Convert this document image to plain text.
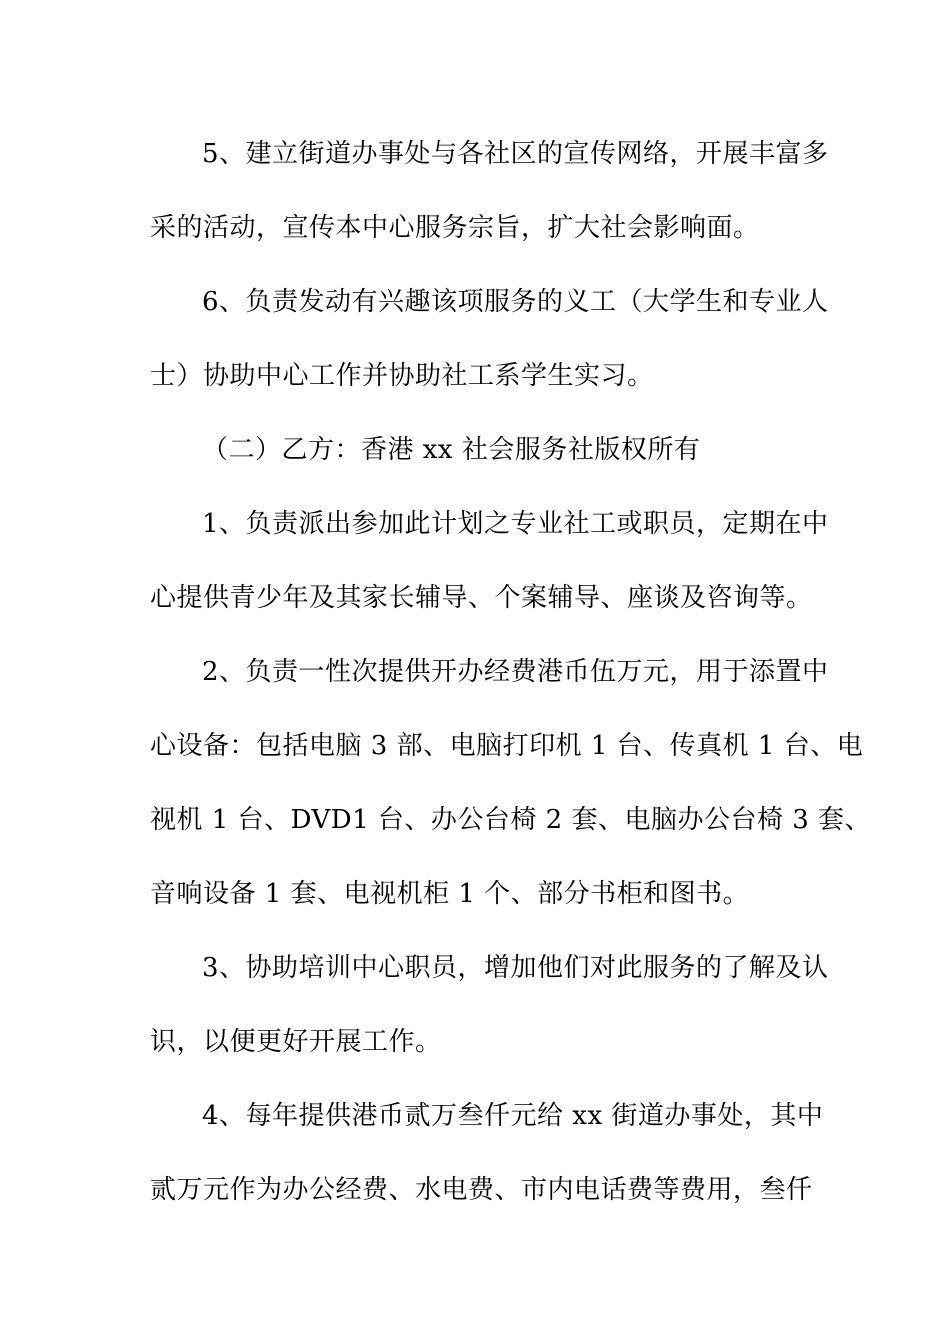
5、建立街道办事处与各社区的宣传网络，开展丰富多
采的活动，宣传本中心服务宗旨，扩大社会影响面。
6、负责发动有兴趣该项服务的义工（大学生和专业人
士）协助中心工作并协助社工系学生实习。
（二）乙方：香港 xx 社会服务社版权所有
1、负责派出参加此计划之专业社工或职员，定期在中
心提供青少年及其家长辅导、个案辅导、座谈及咨询等。
2、负责一性次提供开办经费港币伍万元，用于添置中
心设备：包括电脑 3 部、电脑打印机 1 台、传真机 1 台、电
视机 1 台、DVD1 台、办公台椅 2 套、电脑办公台椅 3 套、
音响设备 1 套、电视机柜 1 个、部分书柜和图书。
3、协助培训中心职员，增加他们对此服务的了解及认
识，以便更好开展工作。
4、每年提供港币贰万叁仟元给 xx 街道办事处，其中
贰万元作为办公经费、水电费、市内电话费等费用，叁仟
